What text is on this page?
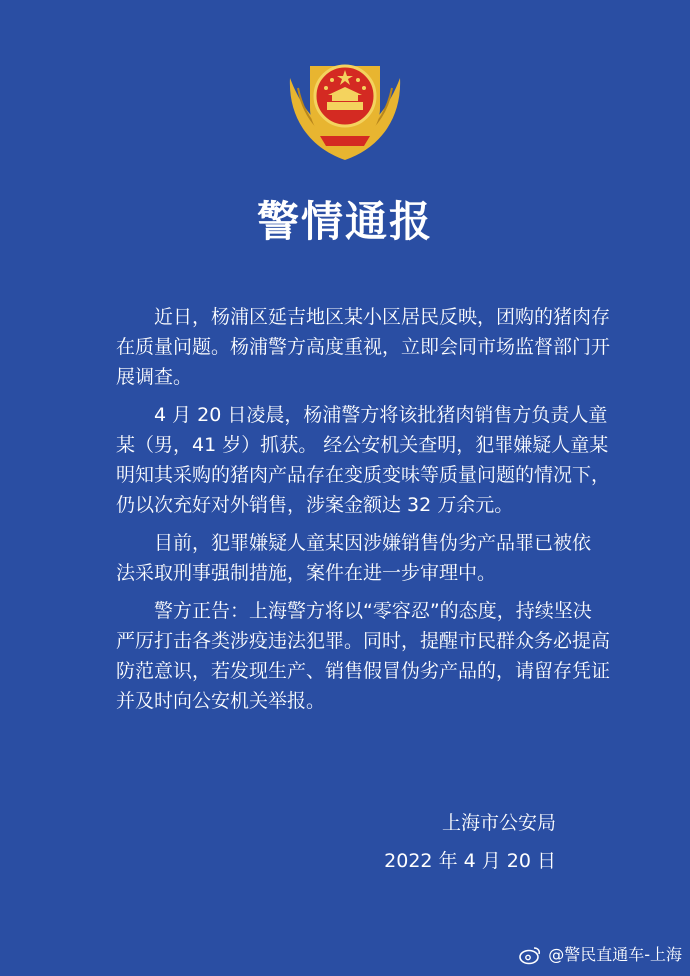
警情通报

近日，杨浦区延吉地区某小区居民反映，团购的猪肉存

在质量问题。杨浦警方高度重视，立即会同市场监督部门开

展调查。

4 月 20 日凌晨，杨浦警方将该批猪肉销售方负责人童

某（男，41 岁）抓获。 经公安机关查明，犯罪嫌疑人童某

明知其采购的猪肉产品存在变质变味等质量问题的情况下，

仍以次充好对外销售，涉案金额达 32 万余元。

目前，犯罪嫌疑人童某因涉嫌销售伪劣产品罪已被依

法采取刑事强制措施，案件在进一步审理中。

警方正告：上海警方将以“零容忍”的态度，持续坚决

严厉打击各类涉疫违法犯罪。同时，提醒市民群众务必提高

防范意识，若发现生产、销售假冒伪劣产品的，请留存凭证

并及时向公安机关举报。

上海市公安局
2022 年 4 月 20 日
@警民直通车-上海
